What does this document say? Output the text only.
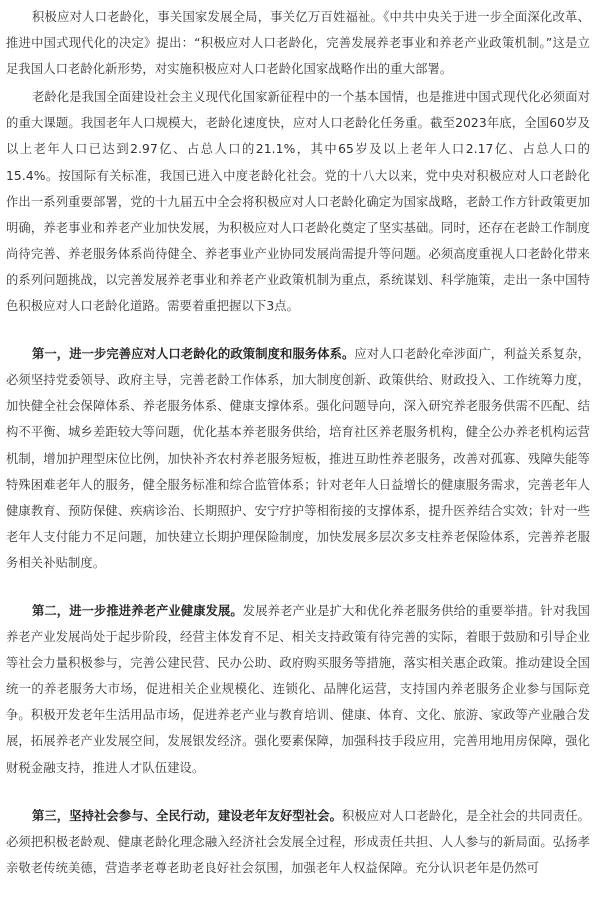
积极应对人口老龄化，事关国家发展全局，事关亿万百姓福祉。《中共中央关于进一步全面深化改革、推进中国式现代化的决定》提出：“积极应对人口老龄化，完善发展养老事业和养老产业政策机制。”这是立足我国人口老龄化新形势，对实施积极应对人口老龄化国家战略作出的重大部署。

老龄化是我国全面建设社会主义现代化国家新征程中的一个基本国情，也是推进中国式现代化必须面对的重大课题。我国老年人口规模大，老龄化速度快，应对人口老龄化任务重。截至2023年底，全国60岁及以上老年人口已达到2.97亿、占总人口的21.1%，其中65岁及以上老年人口2.17亿、占总人口的15.4%。按国际有关标准，我国已进入中度老龄化社会。党的十八大以来，党中央对积极应对人口老龄化作出一系列重要部署，党的十九届五中全会将积极应对人口老龄化确定为国家战略，老龄工作方针政策更加明确，养老事业和养老产业加快发展，为积极应对人口老龄化奠定了坚实基础。同时，还存在老龄工作制度尚待完善、养老服务体系尚待健全、养老事业产业协同发展尚需提升等问题。必须高度重视人口老龄化带来的系列问题挑战，以完善发展养老事业和养老产业政策机制为重点，系统谋划、科学施策，走出一条中国特色积极应对人口老龄化道路。需要着重把握以下3点。

第一，进一步完善应对人口老龄化的政策制度和服务体系。应对人口老龄化牵涉面广，利益关系复杂，必须坚持党委领导、政府主导，完善老龄工作体系，加大制度创新、政策供给、财政投入、工作统筹力度，加快健全社会保障体系、养老服务体系、健康支撑体系。强化问题导向，深入研究养老服务供需不匹配、结构不平衡、城乡差距较大等问题，优化基本养老服务供给，培育社区养老服务机构，健全公办养老机构运营机制，增加护理型床位比例，加快补齐农村养老服务短板，推进互助性养老服务，改善对孤寡、残障失能等特殊困难老年人的服务，健全服务标准和综合监管体系；针对老年人日益增长的健康服务需求，完善老年人健康教育、预防保健、疾病诊治、长期照护、安宁疗护等相衔接的支撑体系，提升医养结合实效；针对一些老年人支付能力不足问题，加快建立长期护理保险制度，加快发展多层次多支柱养老保险体系，完善养老服务相关补贴制度。

第二，进一步推进养老产业健康发展。发展养老产业是扩大和优化养老服务供给的重要举措。针对我国养老产业发展尚处于起步阶段，经营主体发育不足、相关支持政策有待完善的实际，着眼于鼓励和引导企业等社会力量积极参与，完善公建民营、民办公助、政府购买服务等措施，落实相关惠企政策。推动建设全国统一的养老服务大市场，促进相关企业规模化、连锁化、品牌化运营，支持国内养老服务企业参与国际竞争。积极开发老年生活用品市场，促进养老产业与教育培训、健康、体育、文化、旅游、家政等产业融合发展，拓展养老产业发展空间，发展银发经济。强化要素保障，加强科技手段应用，完善用地用房保障，强化财税金融支持，推进人才队伍建设。

第三，坚持社会参与、全民行动，建设老年友好型社会。积极应对人口老龄化，是全社会的共同责任。必须把积极老龄观、健康老龄化理念融入经济社会发展全过程，形成责任共担、人人参与的新局面。弘扬孝亲敬老传统美德，营造孝老尊老助老良好社会氛围，加强老年人权益保障。充分认识老年是仍然可
